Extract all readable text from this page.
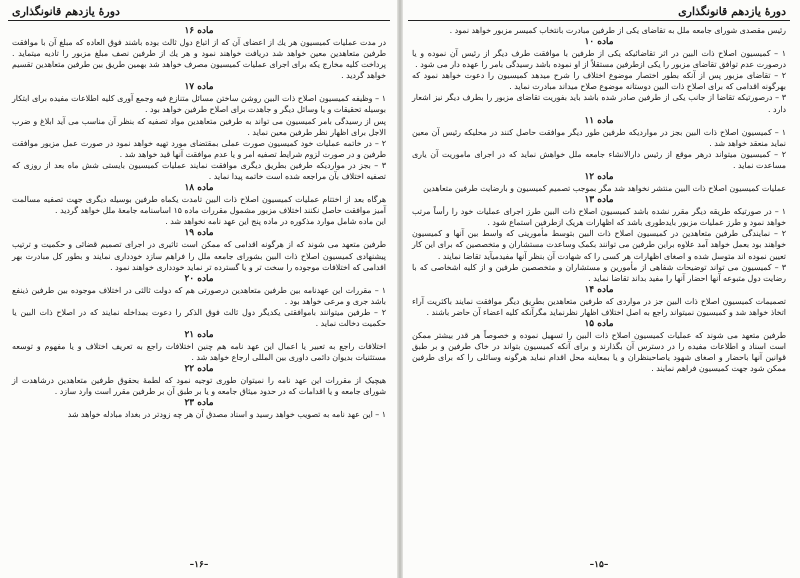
دورهٔ یازدهم قانونگذاری
ماده ۱۶
در مدت عملیات کمیسیون هر یك از اعضای آن که از اتباع دول ثالث بوده باشند فوق العاده که مبلغ آن با موافقت طرفین متعاهدین معین خواهد شد دریافت خواهند نمود و هر یك از طرفین نصف مبلغ مزبور را تادیه میتماید . پرداخت کلیه مخارج یکه برای اجرای عملیات کمیسیون مصرف خواهد شد بهمین طریق بین طرفین متعاهدین تقسیم خواهد گردید .
ماده ۱۷
۱ – وظیفه کمیسیون اصلاح ذات البین روشن ساختن مسائل متنازع فیه وجمع آوری کلیه اطلاعات مفیده برای ابتکار بوسیله تحقیقات و یا وسائل دیگر و جاهدت برای اصلاح طرفین خواهد بود .
پس از رسیدگی بامر کمیسیون می تواند به طرفین متعاهدین مواد تصفیه که بنظر آن مناسب می آید ابلاغ و ضرب الاجل برای اظهار نظر طرفین معین نماید .
۲ – در خاتمه عملیات خود کمیسیون صورت عملی بمقتضای مورد تهیه خواهد نمود در صورت عمل مزبور موافقت طرفین و در صورت لزوم شرایط تصفیه امر و یا عدم موافقت آنها قید خواهد شد .
۳ – بجز در مواردیکه طرفین بطریق دیگری موافقت نمایند عملیات کمیسیون بایستی شش ماه بعد از روزی که تصفیه اختلاف بآن مراجعه شده است خاتمه پیدا نماید .
ماده ۱۸
هرگاه بعد از اختتام عملیات کمیسیون اصلاح ذات البین تامدت یکماه طرفین بوسیله دیگری جهت تصفیه مسالمت آمیز موافقت حاصل نکنند اختلاف مزبور مشمول مقررات ماده ۱۵ اساسنامه جامعهٔ ملل خواهد گردید .
این ماده شامل موارد مذکوره در ماده پنج این عهد نامه نخواهد شد .
ماده ۱۹
طرفین متعهد می شوند که از هرگونه اقدامی که ممکن است تاثیری در اجرای تصمیم قضائی و حکمیت و ترتیب پیشنهادی کمیسیون اصلاح ذات البین بشورای جامعه ملل را فراهم سازد خودداری نمایند و بطور کل مبادرت بهر اقدامی که اختلافات موجوده را سخت تر و یا گسترده تر نماید خودداری خواهند نمود .
ماده ۲۰
۱ – مقررات این عهدنامه بین طرفین متعاهدین درصورتی هم که دولت ثالثی در اختلاف موجوده بین طرفین ذینفع باشد جری و مرعی خواهد بود .
۲ – طرفین میتوانند باموافقتی یکدیگر دول ثالث فوق الذکر را دعوت بمداخله نمایند که در اصلاح ذات البین یا حکمیت دخالت نماید .
ماده ۲۱
اختلافات راجع به تعبیر یا اعمال این عهد نامه هم چنین اختلافات راجع به تعریف اختلاف و یا مفهوم و توسعه مستثنیات بدیوان دائمی داوری بین المللی ارجاع خواهد شد .
ماده ۲۲
هیچیک از مقررات این عهد نامه را نمیتوان طوری توجیه نمود که لطمهٔ بحقوق طرفین متعاهدین درشاهدت از شورای جامعه و یا اقدامات که در حدود میثاق جامعه و یا بر طبق آن بر طرفین مقرر است وارد سازد .
ماده ۲۳
۱ – این عهد نامه به تصویب خواهد رسید و اسناد مصدق آن هر چه زودتر در بغداد مبادله خواهد شد
–۱۶–
دورهٔ یازدهم قانونگذاری
رئیس مقصدی شورای جامعه ملل به تقاضای یکی از طرفین مبادرت بانتخاب کمیسر مزبور خواهد نمود .
ماده ۱۰
۱ – کمیسیون اصلاح ذات البین در اثر تقاضائیکه یکی از طرفین با موافقت طرف دیگر از رئیس آن نموده و یا درصورت عدم توافق تقاضای مزبور را یکی ازطرفین مستقلاً از او نموده باشد رسیدگی بامر را عهده دار می شود .
۲ – تقاضای مزبور پس از آنکه بطور اختصار موضوع اختلاف را شرح میدهد کمیسیون را دعوت خواهد نمود که بهرگونه اقدامی که برای اصلاح ذات البین دوستانه موضوع صلاح میداند مبادرت نماید .
۳ – درصورتیکه تقاضا از جانب یکی از طرفین صادر شده باشد باید بفوریت تقاضای مزبور را بطرف دیگر نیز اشعار دارد .
ماده ۱۱
۱ – کمیسیون اصلاح ذات البین بجز در مواردیکه طرفین طور دیگر موافقت حاصل کنند در محلیکه رئیس آن معین نماید منعقد خواهد شد .
۲ – کمیسیون میتواند درهر موقع از رئیس دارالانشاء جامعه ملل خواهش نماید که در اجرای ماموریت آن یاری مساعدت نماید .
ماده ۱۲
عملیات کمیسیون اصلاح ذات البین منتشر نخواهد شد مگر بموجب تصمیم کمیسیون و بارضایت طرفین متعاهدین
ماده ۱۳
۱ – در صورتیکه طریقه دیگر مقرر نشده باشد کمیسیون اصلاح ذات البین طرز اجرای عملیات خود را رأساً مرتب خواهد نمود و طرز عملیات مزبور بایدطوری باشد که اظهارات هریک ازطرفین استماع شود .
۲ – نمایندگی طرفین متعاهدین در کمیسیون اصلاح ذات البین بتوسط مأمورینی که واسط بین آنها و کمیسیون خواهند بود بعمل خواهد آمد علاوه براین طرفین می توانند بکمک وساعدت مستشاران و متخصصین که برای این کار تعیین نموده اند متوسل شده و اصغای اظهارات هر کسی را که شهادت آن بنظر آنها مفیدمیآید تقاضا نمایند .
۳ – کمیسیون می تواند توضیحات شفاهی از مأمورین و مستشاران و متخصصین طرفین و از کلیه اشخاصی که با رضایت دول متبوعه آنها احضار آنها را مفید بداند تقاضا نماید .
ماده ۱۴
تصمیمات کمیسیون اصلاح ذات البین جز در مواردی که طرفین متعاهدین بطریق دیگر موافقت نمایند باکثریت آراء اتخاذ خواهد شد و کمیسیون نمیتواند راجع به اصل اختلاف اظهار نظرنماید مگرآنکه کلیه اعضاء آن حاضر باشند .
ماده ۱۵
طرفین متعهد می شوند که عملیات کمیسیون اصلاح ذات البین را تسهیل نموده و خصوصاً هر قدر بیشتر ممکن است اسناد و اطلاعات مفیده را در دسترس آن بگذارند و برای آنکه کمیسیون بتواند در خاک طرفین و بر طبق قوانین آنها باحضار و اصغای شهود یاصاحبنظران و یا بمعاینه محل اقدام نماید هرگونه وسائلی را که برای طرفین ممکن شود جهت کمیسیون فراهم نمایند .
–۱۵–
